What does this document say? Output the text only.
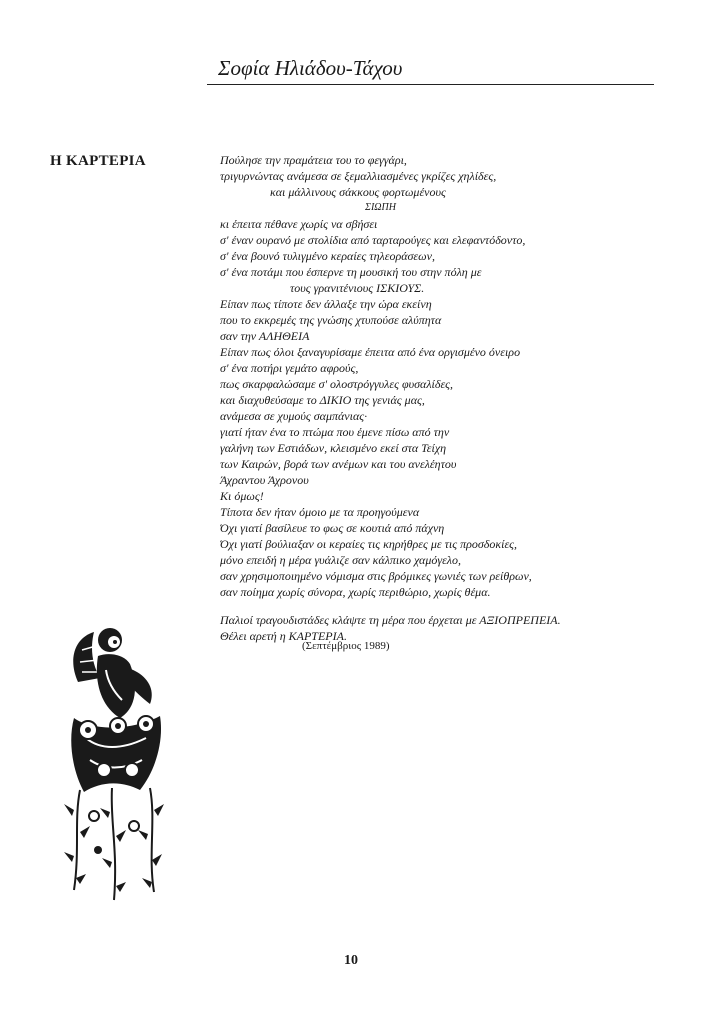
Σοφία Ηλιάδου-Τάχου
Η ΚΑΡΤΕΡΙΑ	Πούλησε την πραμάτεια του το φεγγάρι,
τριγυρνώντας ανάμεσα σε ξεμαλλιασμένες γκρίζες χηλίδες,
και μάλλινους σάκκους φορτωμένους
ΣΙΩΠΗ
κι έπειτα πέθανε χωρίς να σβήσει
σ' έναν ουρανό με στολίδια από ταρταρούγες και ελεφαντόδοντο,
σ' ένα βουνό τυλιγμένο κεραίες τηλεοράσεων,
σ' ένα ποτάμι που έσπερνε τη μουσική του στην πόλη με
τους γρανιτένιους ΙΣΚΙΟΥΣ.
Είπαν πως τίποτε δεν άλλαξε την ώρα εκείνη
που το εκκρεμές της γνώσης χτυπούσε αλύπητα
σαν την ΑΛΗΘΕΙΑ
Είπαν πως όλοι ξαναγυρίσαμε έπειτα από ένα οργισμένο όνειρο
σ' ένα ποτήρι γεμάτο αφρούς,
πως σκαρφαλώσαμε σ' ολοστρόγγυλες φυσαλίδες,
και διαχυθεύσαμε το ΔΙΚΙΟ της γενιάς μας,
ανάμεσα σε χυμούς σαμπάνιας·
γιατί ήταν ένα το πτώμα που έμενε πίσω από την
γαλήνη των Εστιάδων, κλεισμένο εκεί στα Τείχη
των Καιρών, βορά των ανέμων και του ανελέητου
Άχραντου Άχρονου
Κι όμως!
Τίποτα δεν ήταν όμοιο με τα προηγούμενα
Όχι γιατί βασίλευε το φως σε κουτιά από πάχνη
Όχι γιατί βούλιαξαν οι κεραίες τις κηρήθρες με τις προσδοκίες,
μόνο επειδή η μέρα γυάλιζε σαν κάλπικο χαμόγελο,
σαν χρησιμοποιημένο νόμισμα στις βρόμικες γωνιές των ρείθρων,
σαν ποίημα χωρίς σύνορα, χωρίς περιθώριο, χωρίς θέμα.
Παλιοί τραγουδιστάδες κλάψτε τη μέρα που έρχεται με ΑΞΙΟΠΡΕΠΕΙΑ.
Θέλει αρετή η ΚΑΡΤΕΡΙΑ.
(Σεπτέμβριος 1989)
10
